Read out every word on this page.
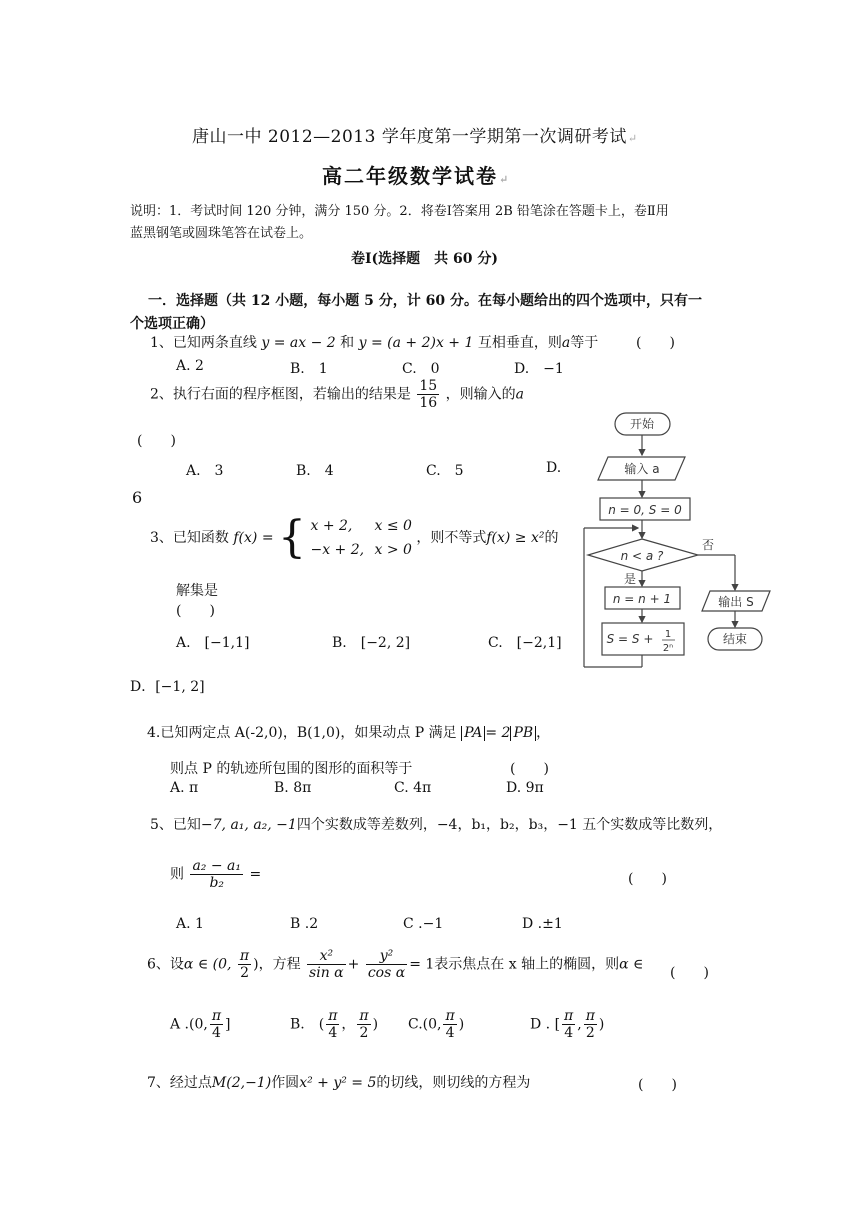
唐山一中 2012—2013 学年度第一学期第一次调研考试↵
高二年级数学试卷↵
说明：1．考试时间 120 分钟，满分 150 分。2．将卷Ⅰ答案用 2B 铅笔涂在答题卡上，卷Ⅱ用
蓝黑钢笔或圆珠笔答在试卷上。
卷Ⅰ(选择题　共 60 分)
一．选择题（共 12 小题，每小题 5 分，计 60 分。在每小题给出的四个选项中，只有一
个选项正确）
1、已知两条直线 y = ax − 2 和 y = (a + 2)x + 1 互相垂直，则a等于	(　　)
A. 2	B.　1	C.　0	D.　−1
2、执行右面的程序框图，若输出的结果是 $\frac{15}{16}$ ，则输入的a
(　　)
A.　3	B.　4	C.　5	D.
6
3、已知函数 f(x) = { x + 2, x ≤ 0
−x + 2, x > 0
，则不等式f(x) ≥ x²的
解集是
(　　)
A.　[−1,1]	B.　[−2, 2]	C.　[−2,1]
D．[−1, 2]
4.已知两定点 A(-2,0)，B(1,0)，如果动点 P 满足 PA = 2 PB ，
则点 P 的轨迹所包围的图形的面积等于	(　　)
A. π	B. 8π	C. 4π	D. 9π
5、已知−7, a₁, a₂, −1四个实数成等差数列，−4，b₁，b₂，b₃，−1 五个实数成等比数列，
则 $\frac{\text{a₂ − a₁}}{\text{b₂}}$ =	(　　)
A. 1	B .2	C .−1	D .±1
6、设α ∈ (0, $\frac{\pi}{2}$ )，方程 $\frac{\text{x²}}{\text{sin α}} + \frac{\text{y²}}{\text{cos α}} = 1$表示焦点在 x 轴上的椭圆，则α ∈
(　　)
A .(0, $\frac{\pi}{4}$ ]	B.　( $\frac{\pi}{4}$ ， $\frac{\pi}{2}$ ) C.(0, $\frac{\pi}{4}$ )	D . [ $\frac{\pi}{4}$ , $\frac{\pi}{2}$ )
7、经过点M(2,−1)作圆x² + y² = 5的切线，则切线的方程为	(　　)
开始
输入 a
n = 0, S = 0
n < a ?
否
是
n = n + 1
S = S + 1
2ⁿ
输出 S
结束
